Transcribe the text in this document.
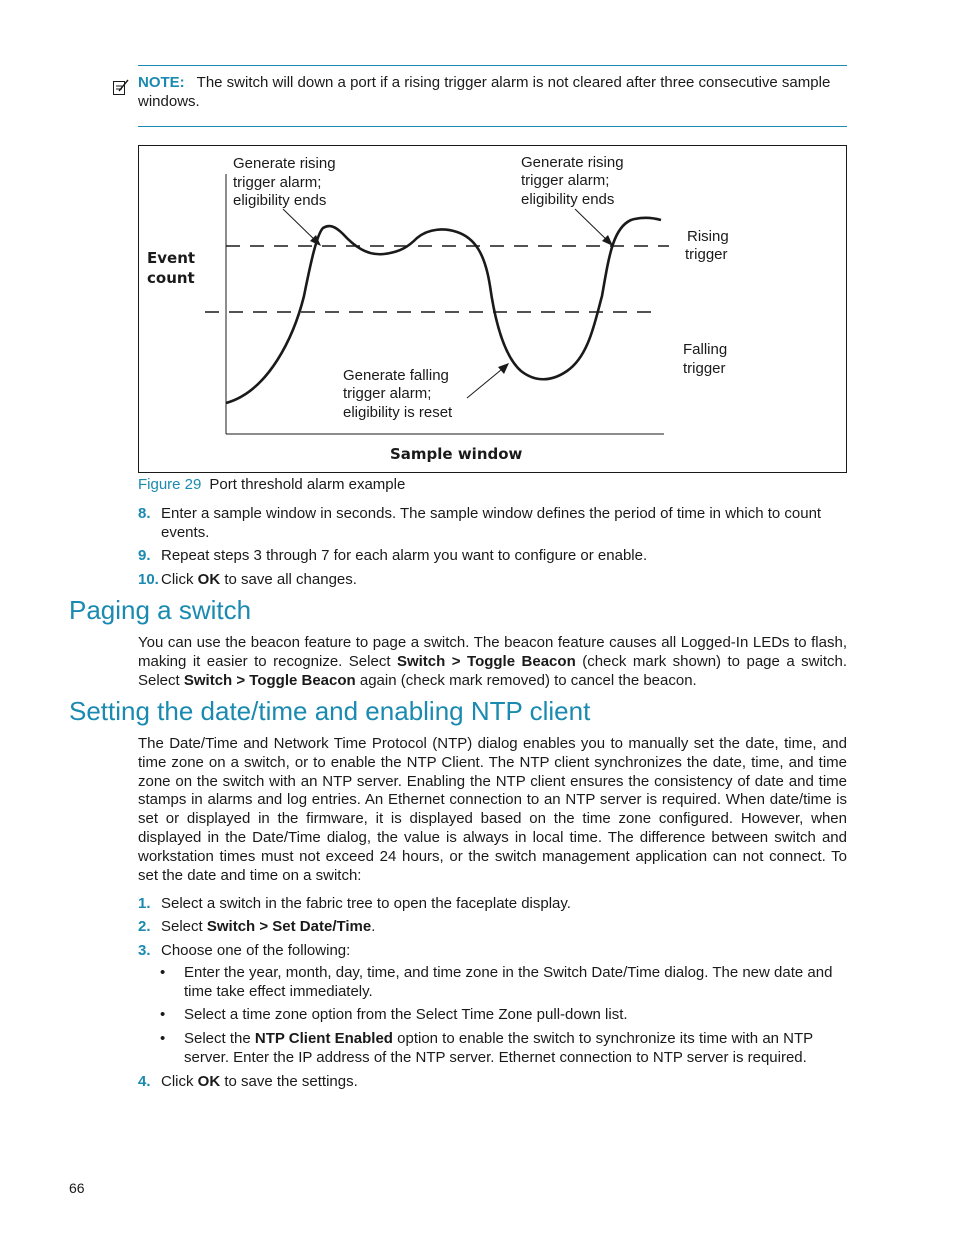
NOTE: The switch will down a port if a rising trigger alarm is not cleared after three consecutive sample windows.
Generate rising
trigger alarm;
eligibility ends
Generate rising
trigger alarm;
eligibility ends
Generate falling
trigger alarm;
eligibility is reset
Rising
trigger
Falling
trigger
Event
count
Sample window
Figure 29 Port threshold alarm example
8. Enter a sample window in seconds. The sample window defines the period of time in which to count events.
9. Repeat steps 3 through 7 for each alarm you want to configure or enable.
10. Click OK to save all changes.
Paging a switch
You can use the beacon feature to page a switch. The beacon feature causes all Logged-In LEDs to flash, making it easier to recognize. Select Switch > Toggle Beacon (check mark shown) to page a switch. Select Switch > Toggle Beacon again (check mark removed) to cancel the beacon.
Setting the date/time and enabling NTP client
The Date/Time and Network Time Protocol (NTP) dialog enables you to manually set the date, time, and time zone on a switch, or to enable the NTP Client. The NTP client synchronizes the date, time, and time zone on the switch with an NTP server. Enabling the NTP client ensures the consistency of date and time stamps in alarms and log entries. An Ethernet connection to an NTP server is required. When date/time is set or displayed in the firmware, it is displayed based on the time zone configured. However, when displayed in the Date/Time dialog, the value is always in local time. The difference between switch and workstation times must not exceed 24 hours, or the switch management application can not connect. To set the date and time on a switch:
1. Select a switch in the fabric tree to open the faceplate display.
2. Select Switch > Set Date/Time.
3. Choose one of the following:
•	Enter the year, month, day, time, and time zone in the Switch Date/Time dialog. The new date and time take effect immediately.
•	Select a time zone option from the Select Time Zone pull-down list.
•	Select the NTP Client Enabled option to enable the switch to synchronize its time with an NTP server. Enter the IP address of the NTP server. Ethernet connection to NTP server is required.
4. Click OK to save the settings.
66
